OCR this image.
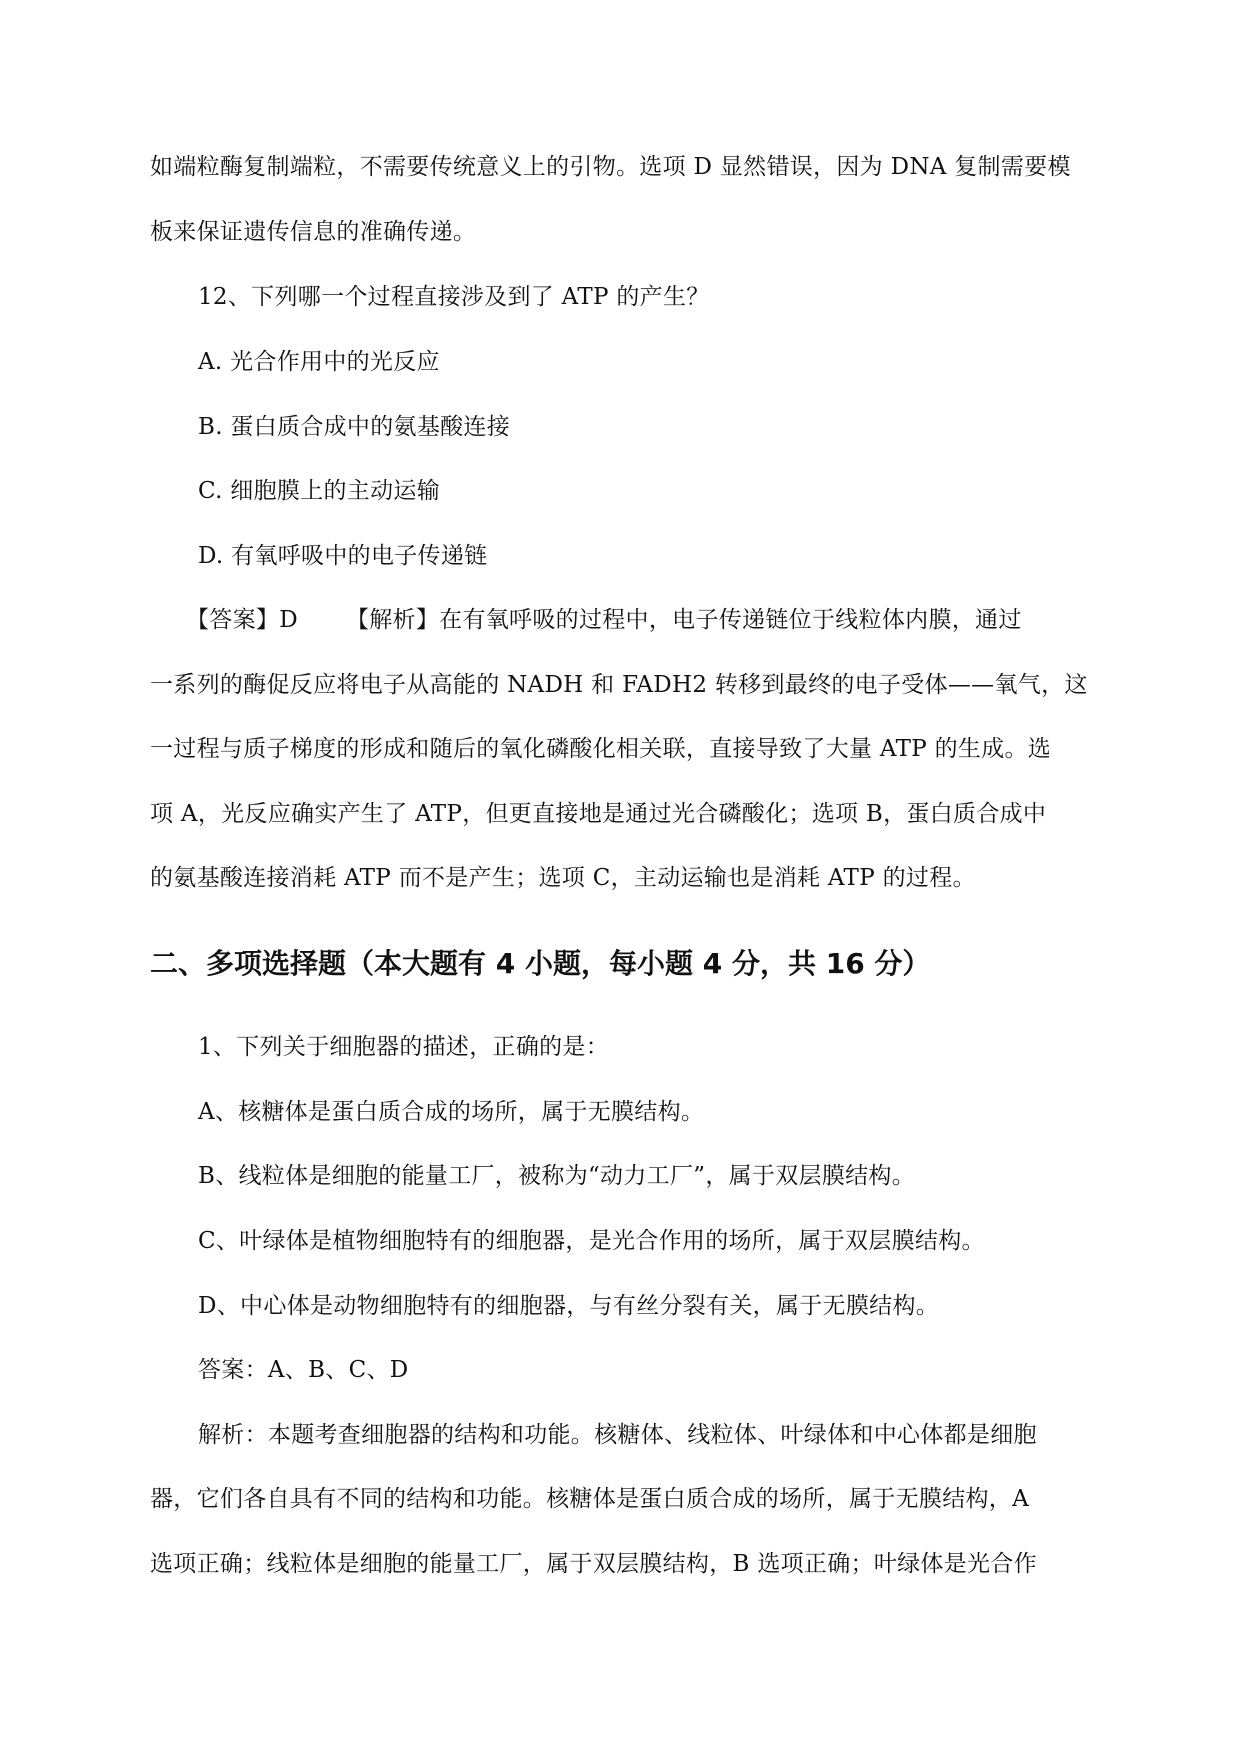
如端粒酶复制端粒，不需要传统意义上的引物。选项 D 显然错误，因为 DNA 复制需要模
板来保证遗传信息的准确传递。
12、下列哪一个过程直接涉及到了 ATP 的产生？
A. 光合作用中的光反应
B. 蛋白质合成中的氨基酸连接
C. 细胞膜上的主动运输
D. 有氧呼吸中的电子传递链
【答案】D 【解析】在有氧呼吸的过程中，电子传递链位于线粒体内膜，通过
一系列的酶促反应将电子从高能的 NADH 和 FADH2 转移到最终的电子受体——氧气，这
一过程与质子梯度的形成和随后的氧化磷酸化相关联，直接导致了大量 ATP 的生成。选
项 A，光反应确实产生了 ATP，但更直接地是通过光合磷酸化；选项 B，蛋白质合成中
的氨基酸连接消耗 ATP 而不是产生；选项 C，主动运输也是消耗 ATP 的过程。
二、多项选择题（本大题有 4 小题，每小题 4 分，共 16 分）
1、下列关于细胞器的描述，正确的是：
A、核糖体是蛋白质合成的场所，属于无膜结构。
B、线粒体是细胞的能量工厂，被称为“动力工厂”，属于双层膜结构。
C、叶绿体是植物细胞特有的细胞器，是光合作用的场所，属于双层膜结构。
D、中心体是动物细胞特有的细胞器，与有丝分裂有关，属于无膜结构。
答案：A、B、C、D
解析：本题考查细胞器的结构和功能。核糖体、线粒体、叶绿体和中心体都是细胞
器，它们各自具有不同的结构和功能。核糖体是蛋白质合成的场所，属于无膜结构，A
选项正确；线粒体是细胞的能量工厂，属于双层膜结构，B 选项正确；叶绿体是光合作
